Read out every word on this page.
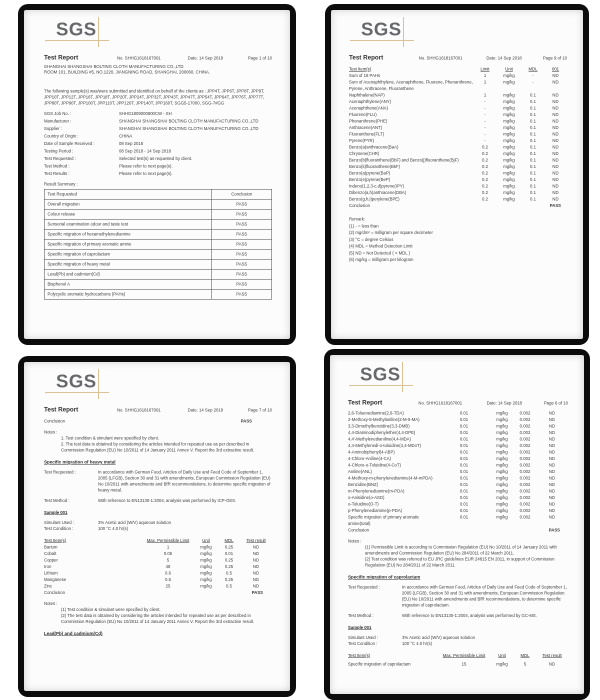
SGS
Test Report	No. SHHG1618167001	Date: 14 Sep 2018	Page 1 of 10
SHANGHAI SHANGSHAI BOLTING CLOTH MANUFACTURING CO.,LTD
ROOM 101, BUILDING #5, NO.1220, JIANGNING ROAD, SHANGHAI, 200060, CHINA.
The following sample(s) was/were submitted and identified on behalf of the clients as : JPP4T, JPP6T, JPP8T, JPP9T, JPP10T, JPP12T, JPP16T, JPP18T, JPP20T, JPP24T, JPP32T, JPP43T, JPP47T, JPP54T, JPP64T, JPP76T, JPP77T, JPP80T, JPP90T, JPP100T, JPP110T, JPP120T, JPP140T, JPP160T, SGG5-17000, SGG-7#GG
SGS Job No. :	SHHG1809000800CW - SH
Manufacturer :	SHANGHAI SHANGSHAI BOLTING CLOTH MANUFACTURING CO.,LTD
Supplier :	SHANGHAI SHANGSHAI BOLTING CLOTH MANUFACTURING CO.,LTD
Country of Origin :	CHINA
Date of Sample Received :	08 Sep 2018
Testing Period :	08 Sep 2018 - 14 Sep 2018
Test Requested :	Selected test(s) as requested by client.
Test Method :	Please refer to next page(s).
Test Results :	Please refer to next page(s).
Result Summary :
Test Requested	Conclusion
Overall migration	PASS
Colour release	PASS
Sensorial examination odour and taste test	PASS
Specific migration of hexamethylenediamine	PASS
Specific migration of primary aromatic amine	PASS
Specific migration of caprolactam	PASS
Specific migration of heavy metal	PASS
Lead(Pb) and cadmium(Cd)	PASS
Bisphenol A	PASS
Polycyclic aromatic hydrocarbons (PAHs)	PASS
SGS
Test Report	No. SHHG1618167001	Date: 14 Sep 2018	Page 9 of 10
Test Item(s)	Limit	Unit	MDL	001
Sum of 18 PAHs	1	mg/kg	-	ND
Sum of Acenaphthylene, Acenaphthene, Fluorene, Phenanthrene, Pyrene, Anthracene, Fluoranthene
1	mg/kg	-	ND
Naphthalene(NAP)	1	mg/kg	0.1	ND
Acenaphthylene(ANY)	-	mg/kg	0.1	ND
Acenaphthene(ANA)	-	mg/kg	0.1	ND
Fluorene(FLU)	-	mg/kg	0.1	ND
Phenanthrene(PHE)	-	mg/kg	0.1	ND
Anthracene(ANT)	-	mg/kg	0.1	ND
Fluoranthene(FLT)	-	mg/kg	0.1	ND
Pyrene(PYR)	-	mg/kg	0.1	ND
Benzo(a)anthracene(BaA)	0.2	mg/kg	0.1	ND
Chrysene(CHR)	0.2	mg/kg	0.1	ND
Benzo(b)fluoranthene(BbF) and Benzo(j)fluoranthene(BjF)	0.2	mg/kg	0.1	ND
Benzo(k)fluoranthene(BkF)	0.2	mg/kg	0.1	ND
Benzo(a)pyrene(BaP)	0.2	mg/kg	0.1	ND
Benzo(e)pyrene(BeP)	0.2	mg/kg	0.1	ND
Indeno(1,2,3-c,d)pyrene(IPY)	0.2	mg/kg	0.1	ND
Dibenzo(a,h)anthracene(DBA)	0.2	mg/kg	0.1	ND
Benzo(g,h,i)perylene(BPE)	0.2	mg/kg	0.1	ND
Conclusion	PASS
Remark:
(1) - = less than
(2) mg/dm² = milligram per square decimeter
(3) °C = degree Celsius
(4) MDL = Method Detection Limit
(5) ND = Not Detected ( < MDL )
(6) mg/kg = milligram per kilogram
SGS
Test Report	No. SHHG1618167001	Date: 14 Sep 2018	Page 7 of 10
Conclusion	PASS
Notes :
1. Test condition & simulant were specified by client.
2. The test data is obtained by considering the articles intended for repeated use as per described in Commission Regulation (EU) No 10/2011 of 14 January 2011 Annex V. Report the 3rd extractive result.
Specific migration of heavy metal
Test Requested :	In accordance with German Food, Articles of Daily Use and Feed Code of September 1, 2005 (LFGB), Section 30 and 31 with amendments, European Commission Regulation (EU) No 10/2011 with amendments and BfR recommendations, to determine specific migration of heavy metal.
Test Method :	With reference to EN13130-1:2004, analysis was performed by ICP-OES.
Sample 001
Simulant Used :	3% Acetic acid (W/V) aqueous solution
Test Condition :	100 °C 4.0 hr(s)
Test Item(s)	Max. Permissible Limit	Unit	MDL	Test result
Barium	1	mg/kg	0.25	ND
Cobalt	0.05	mg/kg	0.01	ND
Copper	5	mg/kg	0.25	ND
Iron	48	mg/kg	0.25	ND
Lithium	0.6	mg/kg	0.5	ND
Manganese	0.6	mg/kg	0.25	ND
Zinc	25	mg/kg	0.5	ND
Conclusion	PASS
Notes :
(1) Test condition & simulant were specified by client.
(2) The test data is obtained by considering the articles intended for repeated use as per described in Commission Regulation (EU) No 10/2011 of 14 January 2011 Annex V. Report the 3rd extractive result.
Lead(Pb) and cadmium(Cd)
SGS
Test Report	No. SHHG1618167001	Date: 14 Sep 2018	Page 6 of 10
2,6-Toluenediamine(2,6-TDA)	0.01	mg/kg	0.002	ND
2-Methoxy-5-Methylaniline(2-M-5-MA)	0.01	mg/kg	0.002	ND
3,3-Dimethylbenzidine(3,3-DMB)	0.01	mg/kg	0.002	ND
4,4-Diaminodiphenylether(4,4-DPE)	0.01	mg/kg	0.002	ND
4,4'-Methylenedianiline(4,4-MDA)	0.01	mg/kg	0.002	ND
4,4-Methylenedi-o-toluidine(4,4-MDoT)	0.01	mg/kg	0.002	ND
4-Aminobiphenyl(4-ABP)	0.01	mg/kg	0.002	ND
4-Chloro-Aniline(4-CA)	0.01	mg/kg	0.002	ND
4-Chloro-o-Toluidine(4-CoT)	0.01	mg/kg	0.002	ND
Aniline(ANL)	0.01	mg/kg	0.002	ND
4-Methoxy-m-phenylenediamine(4-M-mPDA)	0.01	mg/kg	0.002	ND
Benzidine(BNZ)	0.01	mg/kg	0.002	ND
m-Phenylenediamine(m-PDA)	0.01	mg/kg	0.002	ND
o-Anisidine(o-ASD)	0.01	mg/kg	0.002	ND
o-Toluidine(O-T)	0.01	mg/kg	0.002	ND
p-Phenylenediamine(p-PDA)	0.01	mg/kg	0.002	ND
Specific migration of primary aromatic amine(total)
0.01	mg/kg	0.002	ND
Conclusion	PASS
Notes :
(1) Permissible Limit is according to Commission Regulation (EU) No 10/2011 of 14 January 2011 with amendments and Commission Regulation (EU) No 284/2011 of 22 March 2011.
(2) Test condition was referred to EU JRC guidelines EUR 24815 EN 2011, in support of Commission Regulation (EU) No 284/2011 of 22 March 2011.
Specific migration of caprolactam
Test Requested :	In accordance with German Food, Articles of Daily Use and Feed Code of September 1, 2005 (LFGB), Section 30 and 31 with amendments, European Commission Regulation (EU) No 10/2011 with amendments and BfR recommendations, to determine specific migration of caprolactam.
Test Method :	With reference to EN13130-1:2004, analysis was performed by GC-MS.
Sample 001
Simulant Used :	3% Acetic acid (W/V) aqueous solution
Test Condition :	100 °C 4.0 hr(s)
Test Item(s)	Max. Permissible Limit	Unit	MDL	Test result
Specific migration of caprolactam	15	mg/kg	5	ND
